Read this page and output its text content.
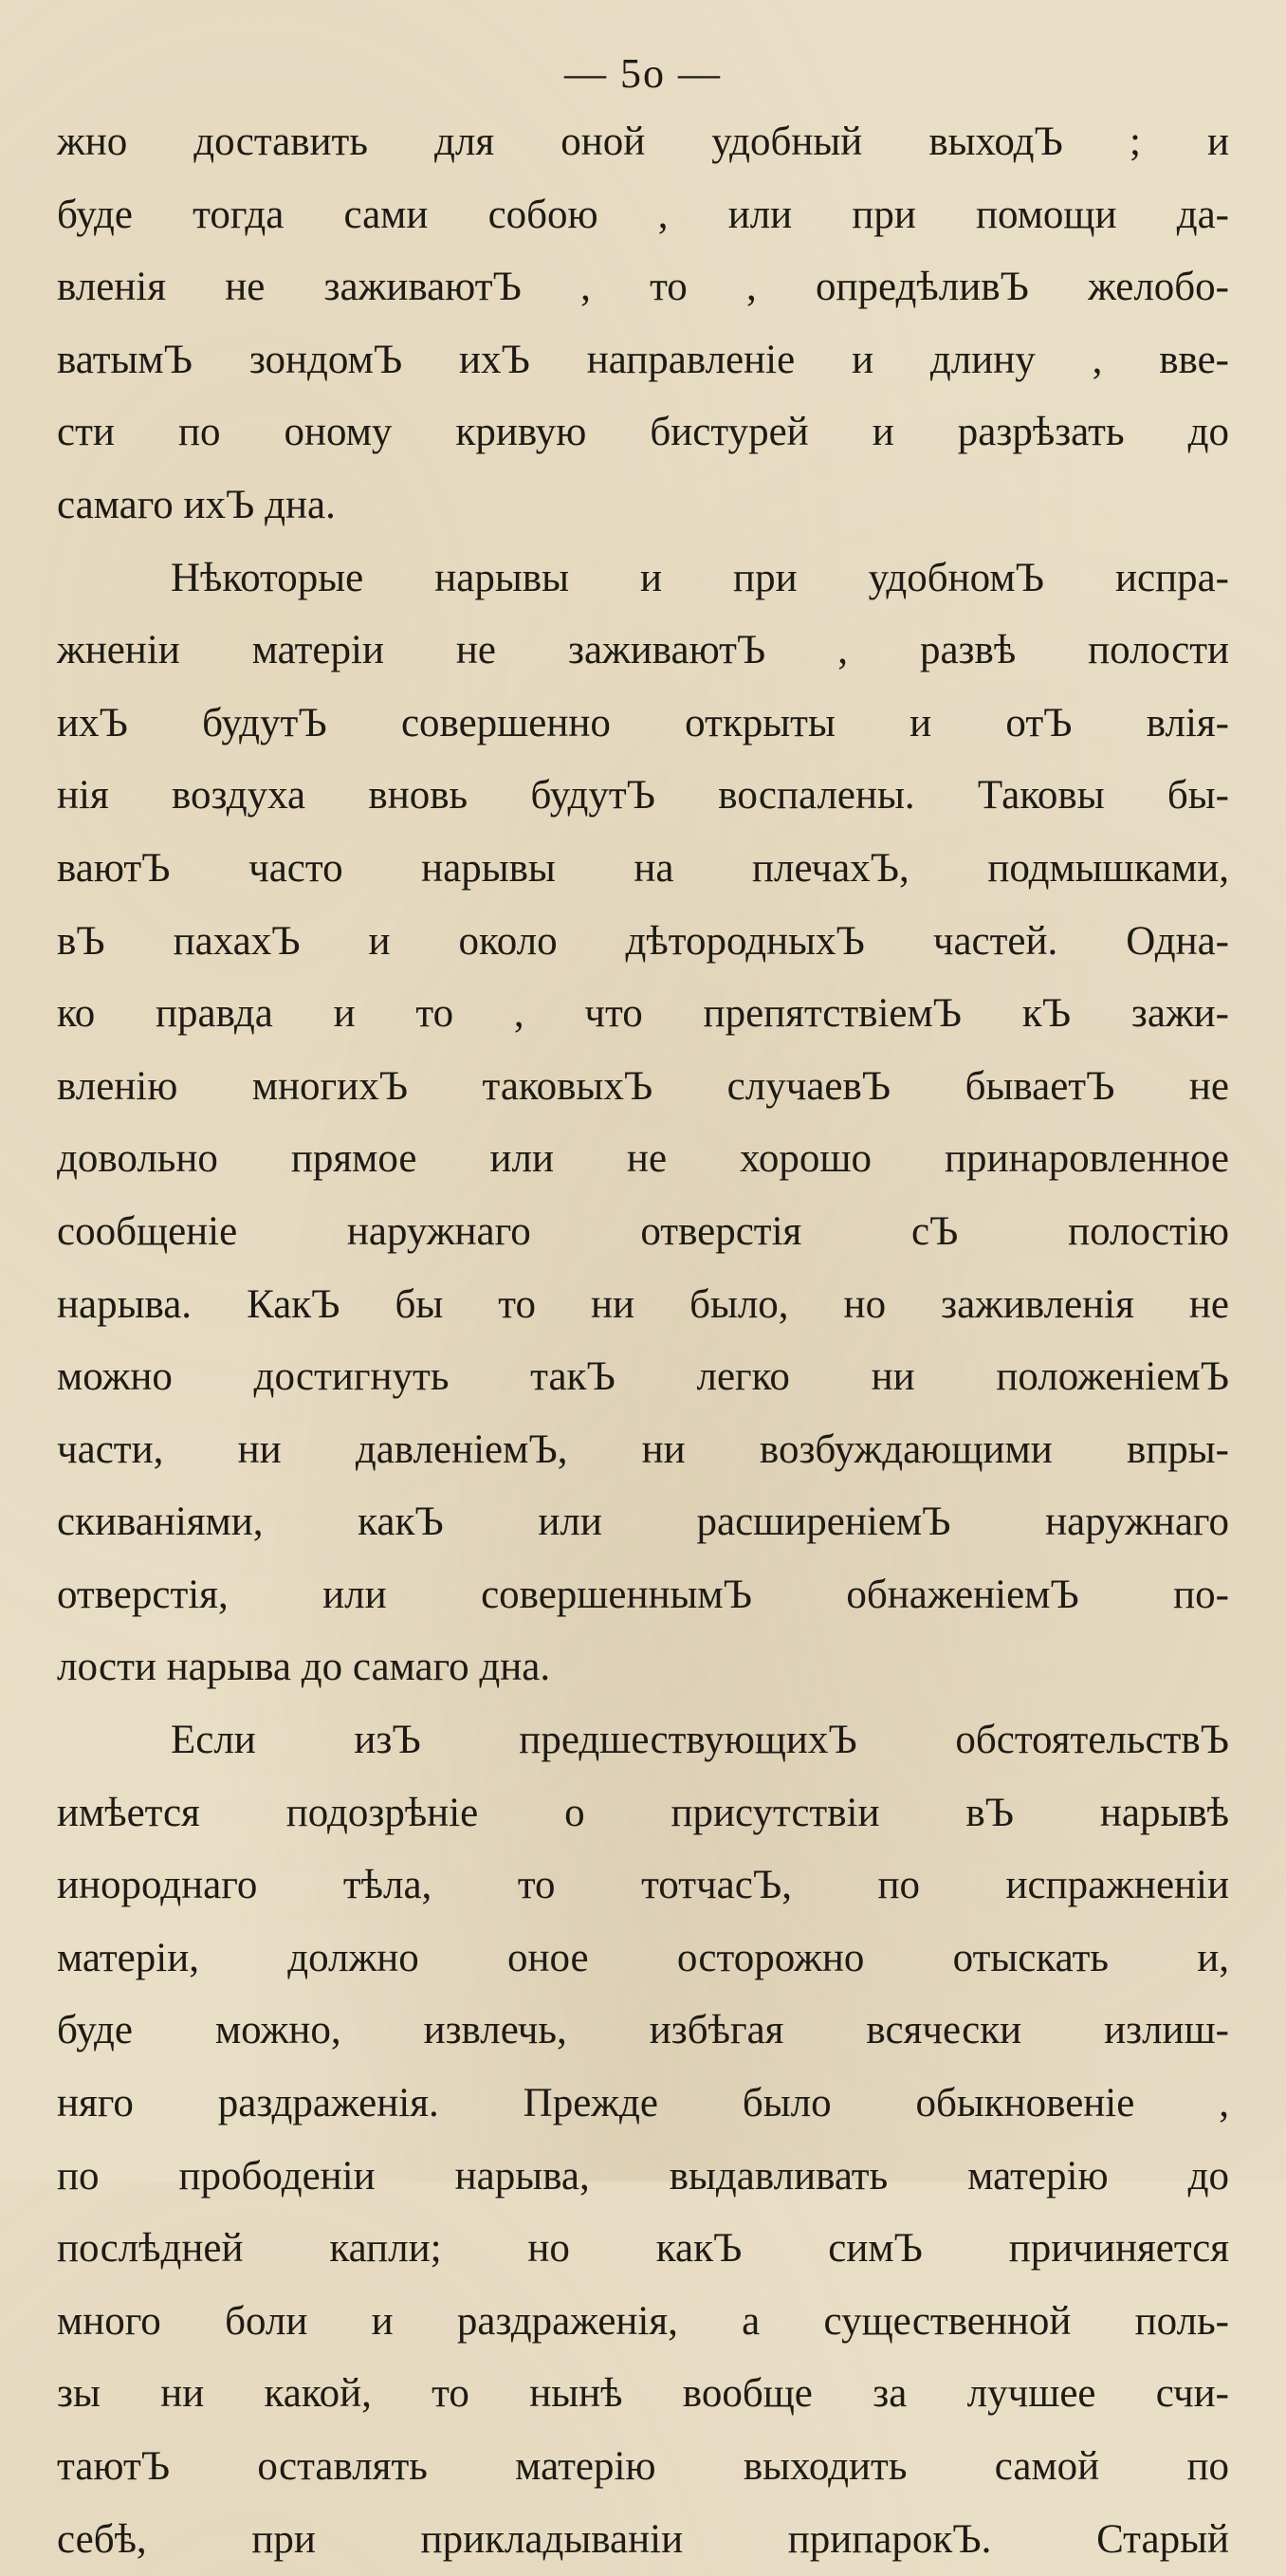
— 5o —
жно доставить для оной удобный выходЪ ; и
буде тогда сами собою , или при помощи да-
вленія не заживаютЪ , то , опредѣливЪ желобо-
ватымЪ зондомЪ ихЪ направленіе и длину , вве-
сти по оному кривую бистурей и разрѣзать до
самаго ихЪ дна.
Нѣкоторые нарывы и при удобномЪ испра-
жненіи матеріи не заживаютЪ , развѣ полости
ихЪ будутЪ совершенно открыты и отЪ влія-
нія воздуха вновь будутЪ воспалены. Таковы бы-
ваютЪ часто нарывы на плечахЪ, подмышками,
вЪ пахахЪ и около дѣтородныхЪ частей. Одна-
ко правда и то , что препятствіемЪ кЪ зажи-
вленію многихЪ таковыхЪ случаевЪ бываетЪ не
довольно прямое или не хорошо принаровленное
сообщеніе наружнаго отверстія сЪ полостію
нарыва. КакЪ бы то ни было, но заживленія не
можно достигнуть такЪ легко ни положеніемЪ
части, ни давленіемЪ, ни возбуждающими впры-
скиваніями, какЪ или расширеніемЪ наружнаго
отверстія, или совершеннымЪ обнаженіемЪ по-
лости нарыва до самаго дна.
Если изЪ предшествующихЪ обстоятельствЪ
имѣется подозрѣніе о присутствіи вЪ нарывѣ
инороднаго тѣла, то тотчасЪ, по испражненіи
матеріи, должно оное осторожно отыскать и,
буде можно, извлечь, избѣгая всячески излиш-
няго раздраженія. Прежде было обыкновеніе ,
по прободеніи нарыва, выдавливать матерію до
послѣдней капли; но какЪ симЪ причиняется
много боли и раздраженія, а существенной поль-
зы ни какой, то нынѣ вообще за лучшее счи-
таютЪ оставлять матерію выходить самой по
себѣ, при прикладываніи припарокЪ. Старый
